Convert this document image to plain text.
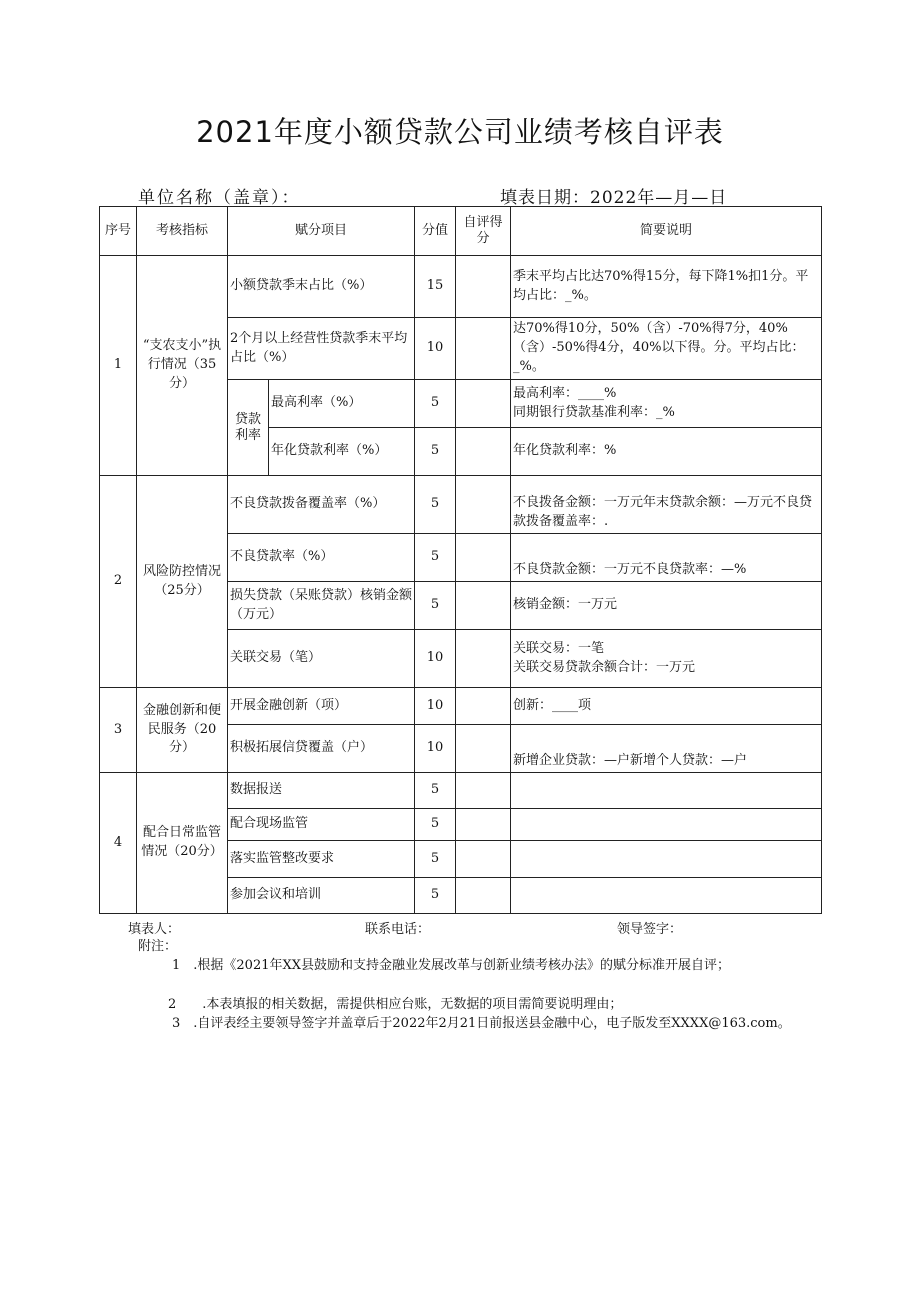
2021年度小额贷款公司业绩考核自评表
单位名称（盖章）：	填表日期：2022年—月—日
序号	考核指标	赋分项目		分值	自评得分	简要说明
1	“支农支小”执行情况（35分）	小额贷款季末占比（%）		15		季末平均占比达70%得15分，每下降1%扣1分。平均占比：_%。
		2个月以上经营性贷款季末平均占比（%）		10		达70%得10分，50%（含）-70%得7分，40%（含）-50%得4分，40%以下得。分。平均占比：_%。
		贷款利率	最高利率（%）	5		最高利率：____%
同期银行贷款基准利率：_%
			年化贷款利率（%）	5		年化贷款利率：%
2	风险防控情况（25分）	不良贷款拨备覆盖率（%）		5		不良拨备金额：一万元年末贷款余额：—万元不良贷款拨备覆盖率：.
		不良贷款率（%）		5		不良贷款金额：一万元不良贷款率：—%
		损失贷款（呆账贷款）核销金额（万元）		5		核销金额：一万元
		关联交易（笔）		10		关联交易：一笔
关联交易贷款余额合计：一万元
3	金融创新和便民服务（20分）	开展金融创新（项）		10		创新：____项
		积极拓展信贷覆盖（户）		10		新增企业贷款：—户新增个人贷款：—户
4	配合日常监管情况（20分）	数据报送		5		
		配合现场监管		5		
		落实监管整改要求		5		
		参加会议和培训		5		
填表人：	联系电话：	领导签字：
附注：
1　.根据《2021年XX县鼓励和支持金融业发展改革与创新业绩考核办法》的赋分标准开展自评；
2　　.本表填报的相关数据，需提供相应台账，无数据的项目需简要说明理由；
3　.自评表经主要领导签字并盖章后于2022年2月21日前报送县金融中心，电子版发至XXXX@163.com。
